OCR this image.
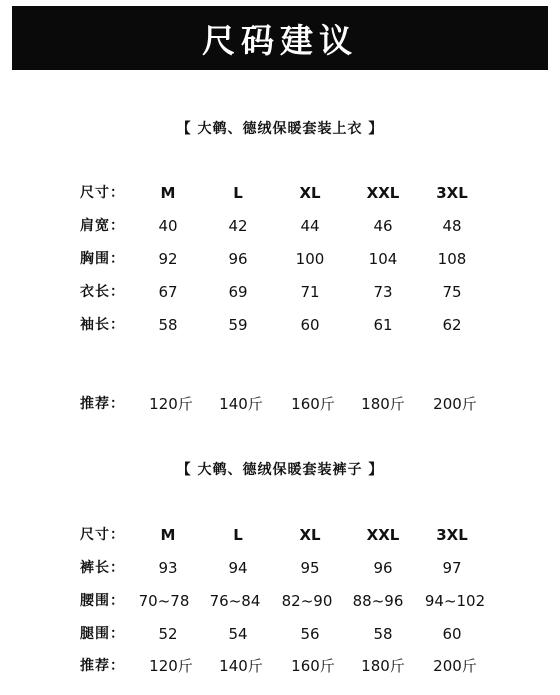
尺码建议
【 大鹌、德绒保暖套装上衣 】
尺寸： M	L	XL	XXL 3XL
肩宽： 40	42	44	46	48
胸围： 92	96	100	104	108
衣长： 67	69	71	73	75
袖长： 58	59	60	61	62
推荐： 120斤 140斤 160斤 180斤 200斤
【 大鹌、德绒保暖套装裤子 】
尺寸： M	L	XL	XXL 3XL
裤长： 93	94	95	96	97
腰围： 70~78 76~84 82~90 88~96 94~102
腿围： 52	54	56	58	60
推荐： 120斤 140斤 160斤 180斤 200斤
